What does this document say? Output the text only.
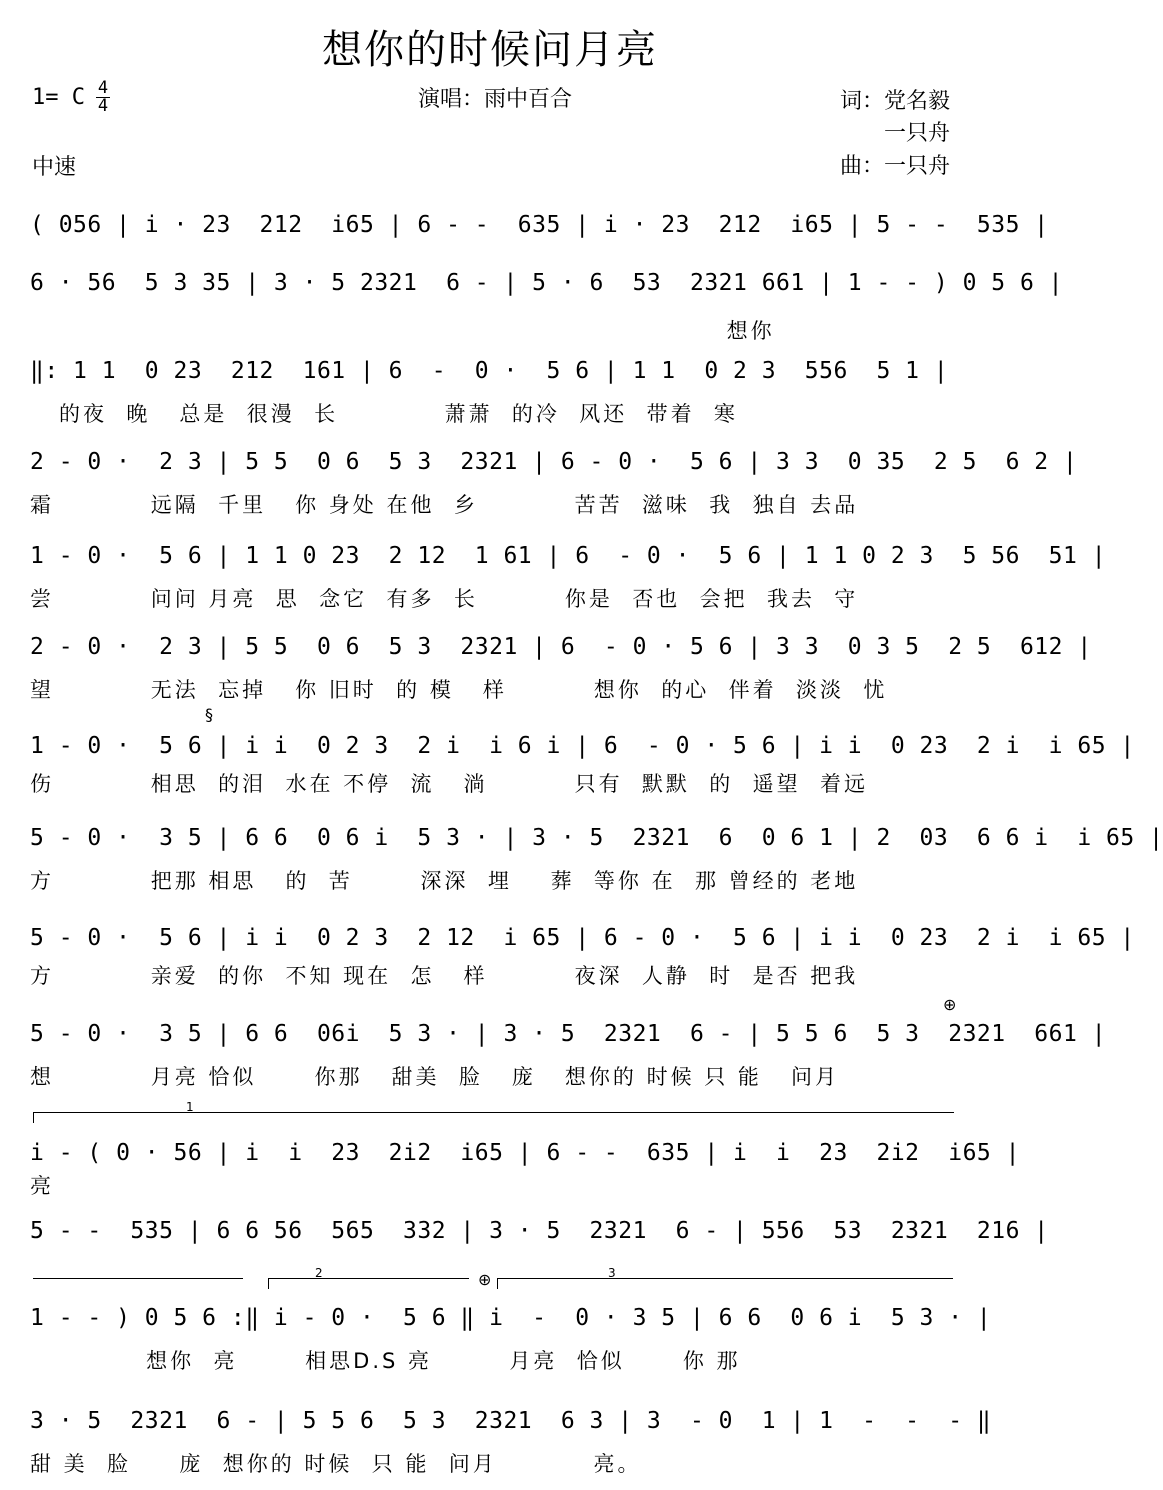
想你的时候问月亮
1= C 4
4	演唱：雨中百合	词：党名毅
一只舟
曲：一只舟
中速
( 056 | i · 23  212  i65 | 6 - -  635 | i · 23  212  i65 | 5 - -  535 |
6 · 56  5 3 35 | 3 · 5 2321  6 - | 5 · 6  53  2321 661 | 1 - - ) 0 5 6 |
想你
‖: 1 1  0 23  212  161 | 6  -  0 ·  5 6 | 1 1  0 2 3  556  5 1 |
的夜  晚   总是  很漫  长           萧萧  的冷  风还  带着  寒
2 - 0 ·  2 3 | 5 5  0 6  5 3  2321 | 6 - 0 ·  5 6 | 3 3  0 35  2 5  6 2 |
霜          远隔  千里   你 身处 在他  乡          苦苦  滋味  我  独自 去品
1 - 0 ·  5 6 | 1 1 0 23  2 12  1 61 | 6  - 0 ·  5 6 | 1 1 0 2 3  5 56  51 |
尝          问问 月亮  思  念它  有多  长         你是  否也  会把  我去  守
2 - 0 ·  2 3 | 5 5  0 6  5 3  2321 | 6  - 0 · 5 6 | 3 3  0 3 5  2 5  612 |
望          无法  忘掉   你 旧时  的 模   样         想你  的心  伴着  淡淡  忧
§
1 - 0 ·  5 6 | i i  0 2 3  2 i  i 6 i | 6  - 0 · 5 6 | i i  0 23  2 i  i 65 |
伤          相思  的泪  水在 不停  流   淌         只有  默默  的  遥望  着远
5 - 0 ·  3 5 | 6 6  0 6 i  5 3 · | 3 · 5  2321  6  0 6 1 | 2  03  6 6 i  i 65 |
方          把那 相思   的  苦       深深  埋    葬  等你 在  那 曾经的 老地
5 - 0 ·  5 6 | i i  0 2 3  2 12  i 65 | 6 - 0 ·  5 6 | i i  0 23  2 i  i 65 |
方          亲爱  的你  不知 现在  怎   样         夜深  人静  时  是否 把我
⊕
5 - 0 ·  3 5 | 6 6  06i  5 3 · | 3 · 5  2321  6 - | 5 5 6  5 3  2321  661 |
想          月亮 恰似      你那   甜美  脸   庞   想你的 时候 只 能   问月
1
i - ( 0 · 56 | i  i  23  2i2  i65 | 6 - -  635 | i  i  23  2i2  i65 |
亮
5 - -  535 | 6 6 56  565  332 | 3 · 5  2321  6 - | 556  53  2321  216 |
2	⊕	3
1 - - ) 0 5 6 :‖ i - 0 ·  5 6 ‖ i  -  0 · 3 5 | 6 6  0 6 i  5 3 · |
想你  亮       相思D.S 亮        月亮  恰似      你 那
3 · 5  2321  6 - | 5 5 6  5 3  2321  6 3 | 3  - 0  1 | 1  -  -  - ‖
甜 美  脸     庞  想你的 时候  只 能  问月          亮。
